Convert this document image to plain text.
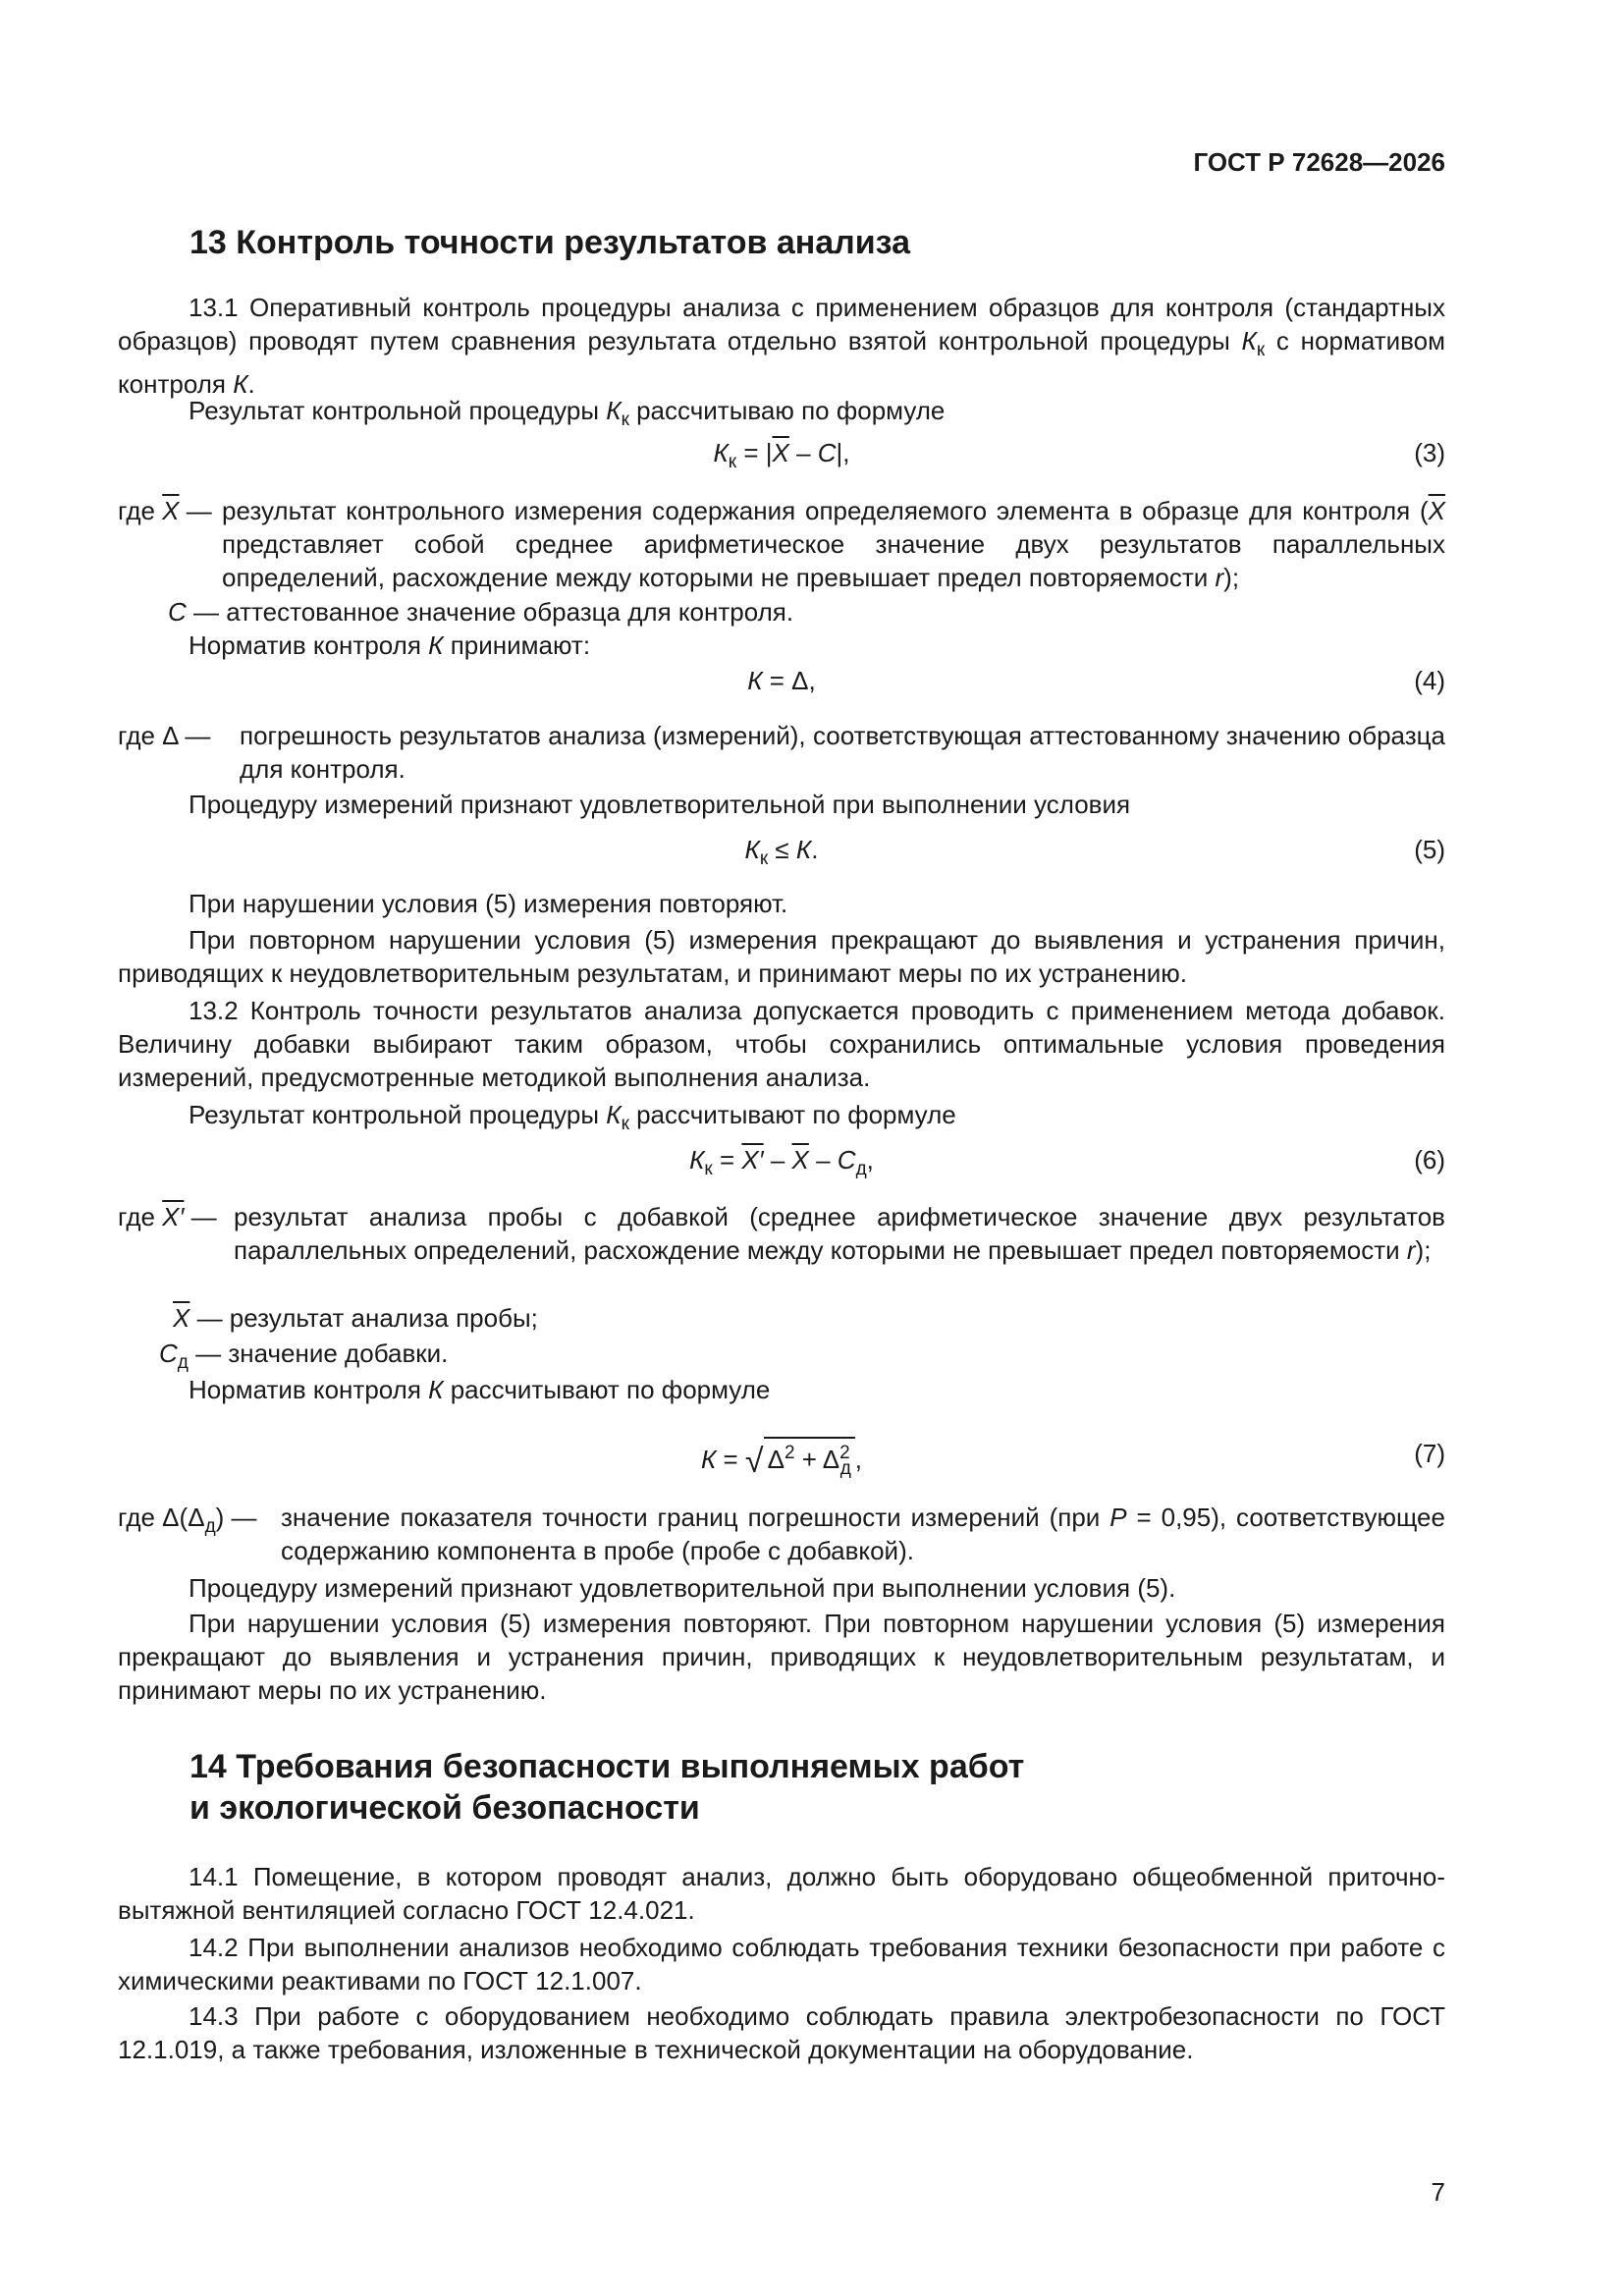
ГОСТ Р 72628—2026
13 Контроль точности результатов анализа

13.1 Оперативный контроль процедуры анализа с применением образцов для контроля (стандартных образцов) проводят путем сравнения результата отдельно взятой контрольной процедуры $К_к$ с нормативом контроля К.

Результат контрольной процедуры $К_к$ рассчитываю по формуле

$К_к = |\overline{X} - C|$,	(3)
где $\overline{X}$ — результат контрольного измерения содержания определяемого элемента в образце для контроля ($\overline{X}$ представляет собой среднее арифметическое значение двух результатов параллельных определений, расхождение между которыми не превышает предел повторяемости r);
C — аттестованное значение образца для контроля.

Норматив контроля К принимают:

К = Δ,	(4)
где Δ — погрешность результатов анализа (измерений), соответствующая аттестованному значению образца для контроля.

Процедуру измерений признают удовлетворительной при выполнении условия

$К_к \le К$.	(5)

При нарушении условия (5) измерения повторяют.

При повторном нарушении условия (5) измерения прекращают до выявления и устранения причин, приводящих к неудовлетворительным результатам, и принимают меры по их устранению.

13.2 Контроль точности результатов анализа допускается проводить с применением метода добавок. Величину добавки выбирают таким образом, чтобы сохранились оптимальные условия проведения измерений, предусмотренные методикой выполнения анализа.

Результат контрольной процедуры $К_к$ рассчитывают по формуле

$К_к = X' - \overline{X} - C_д$,	(6)
где X′ — результат анализа пробы с добавкой (среднее арифметическое значение двух результатов параллельных определений, расхождение между которыми не превышает предел повторяемости r);
$\overline{X}$ — результат анализа пробы;
$C_д$ — значение добавки.

Норматив контроля К рассчитывают по формуле

К = √ $\Delta^2 + \Delta^2_д$ ,	(7)
где $\Delta(\Delta_д)$ — значение показателя точности границ погрешности измерений (при P = 0,95), соответствующее содержанию компонента в пробе (пробе с добавкой).

Процедуру измерений признают удовлетворительной при выполнении условия (5).

При нарушении условия (5) измерения повторяют. При повторном нарушении условия (5) измерения прекращают до выявления и устранения причин, приводящих к неудовлетворительным результатам, и принимают меры по их устранению.

14 Требования безопасности выполняемых работ
и экологической безопасности

14.1 Помещение, в котором проводят анализ, должно быть оборудовано общеобменной приточно-вытяжной вентиляцией согласно ГОСТ 12.4.021.

14.2 При выполнении анализов необходимо соблюдать требования техники безопасности при работе с химическими реактивами по ГОСТ 12.1.007.

14.3 При работе с оборудованием необходимо соблюдать правила электробезопасности по ГОСТ 12.1.019, а также требования, изложенные в технической документации на оборудование.

7
